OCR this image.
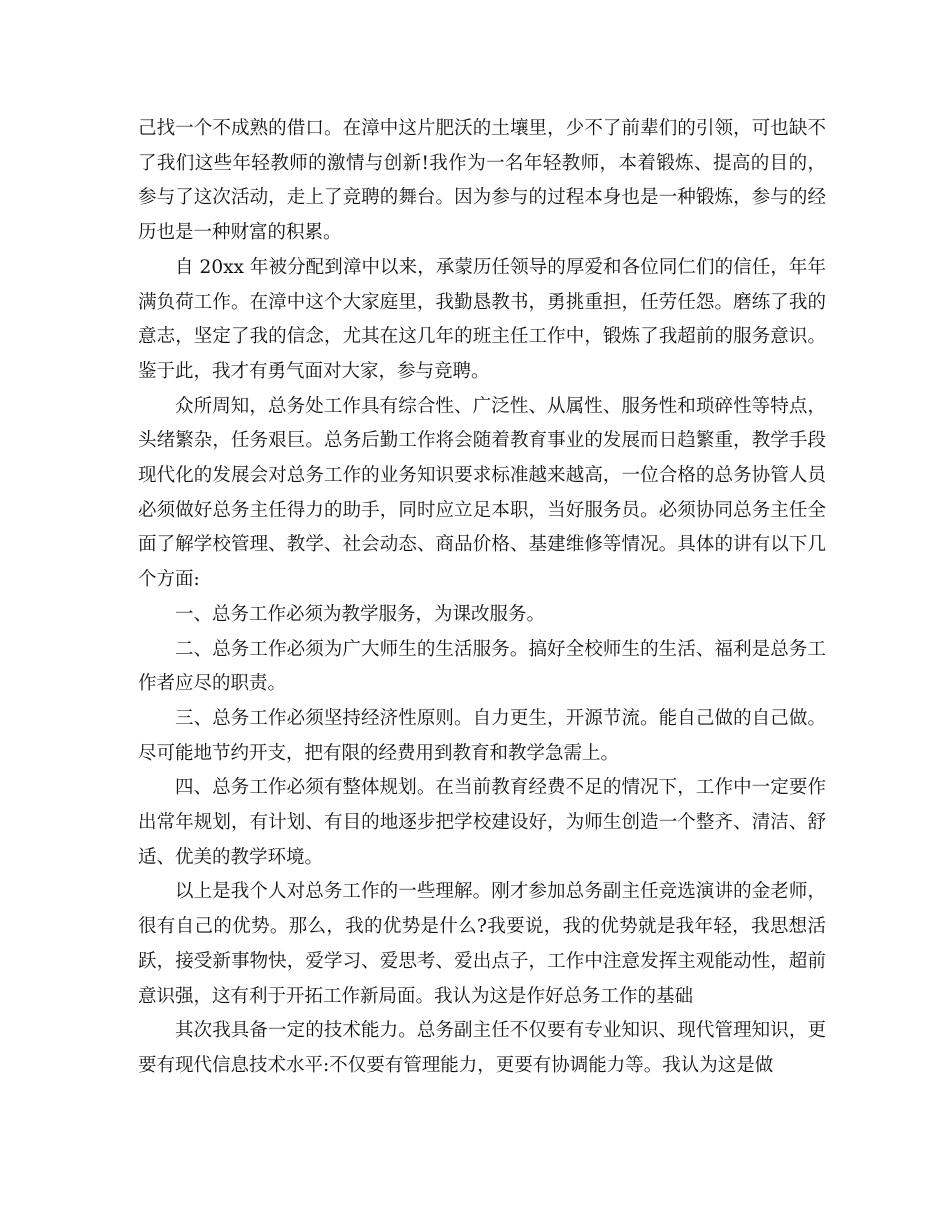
己找一个不成熟的借口。在漳中这片肥沃的土壤里，少不了前辈们的引领，可也缺不了我们这些年轻教师的激情与创新!我作为一名年轻教师，本着锻炼、提高的目的，参与了这次活动，走上了竞聘的舞台。因为参与的过程本身也是一种锻炼，参与的经历也是一种财富的积累。

自 20xx 年被分配到漳中以来，承蒙历任领导的厚爱和各位同仁们的信任，年年满负荷工作。在漳中这个大家庭里，我勤恳教书，勇挑重担，任劳任怨。磨练了我的意志，坚定了我的信念，尤其在这几年的班主任工作中，锻炼了我超前的服务意识。鉴于此，我才有勇气面对大家，参与竞聘。

众所周知，总务处工作具有综合性、广泛性、从属性、服务性和琐碎性等特点，头绪繁杂，任务艰巨。总务后勤工作将会随着教育事业的发展而日趋繁重，教学手段现代化的发展会对总务工作的业务知识要求标准越来越高，一位合格的总务协管人员必须做好总务主任得力的助手，同时应立足本职，当好服务员。必须协同总务主任全面了解学校管理、教学、社会动态、商品价格、基建维修等情况。具体的讲有以下几个方面:

一、总务工作必须为教学服务，为课改服务。

二、总务工作必须为广大师生的生活服务。搞好全校师生的生活、福利是总务工作者应尽的职责。

三、总务工作必须坚持经济性原则。自力更生，开源节流。能自己做的自己做。尽可能地节约开支，把有限的经费用到教育和教学急需上。

四、总务工作必须有整体规划。在当前教育经费不足的情况下，工作中一定要作出常年规划，有计划、有目的地逐步把学校建设好，为师生创造一个整齐、清洁、舒适、优美的教学环境。

以上是我个人对总务工作的一些理解。刚才参加总务副主任竞选演讲的金老师，很有自己的优势。那么，我的优势是什么?我要说，我的优势就是我年轻，我思想活跃，接受新事物快，爱学习、爱思考、爱出点子，工作中注意发挥主观能动性，超前意识强，这有利于开拓工作新局面。我认为这是作好总务工作的基础

其次我具备一定的技术能力。总务副主任不仅要有专业知识、现代管理知识，更要有现代信息技术水平:不仅要有管理能力，更要有协调能力等。我认为这是做
